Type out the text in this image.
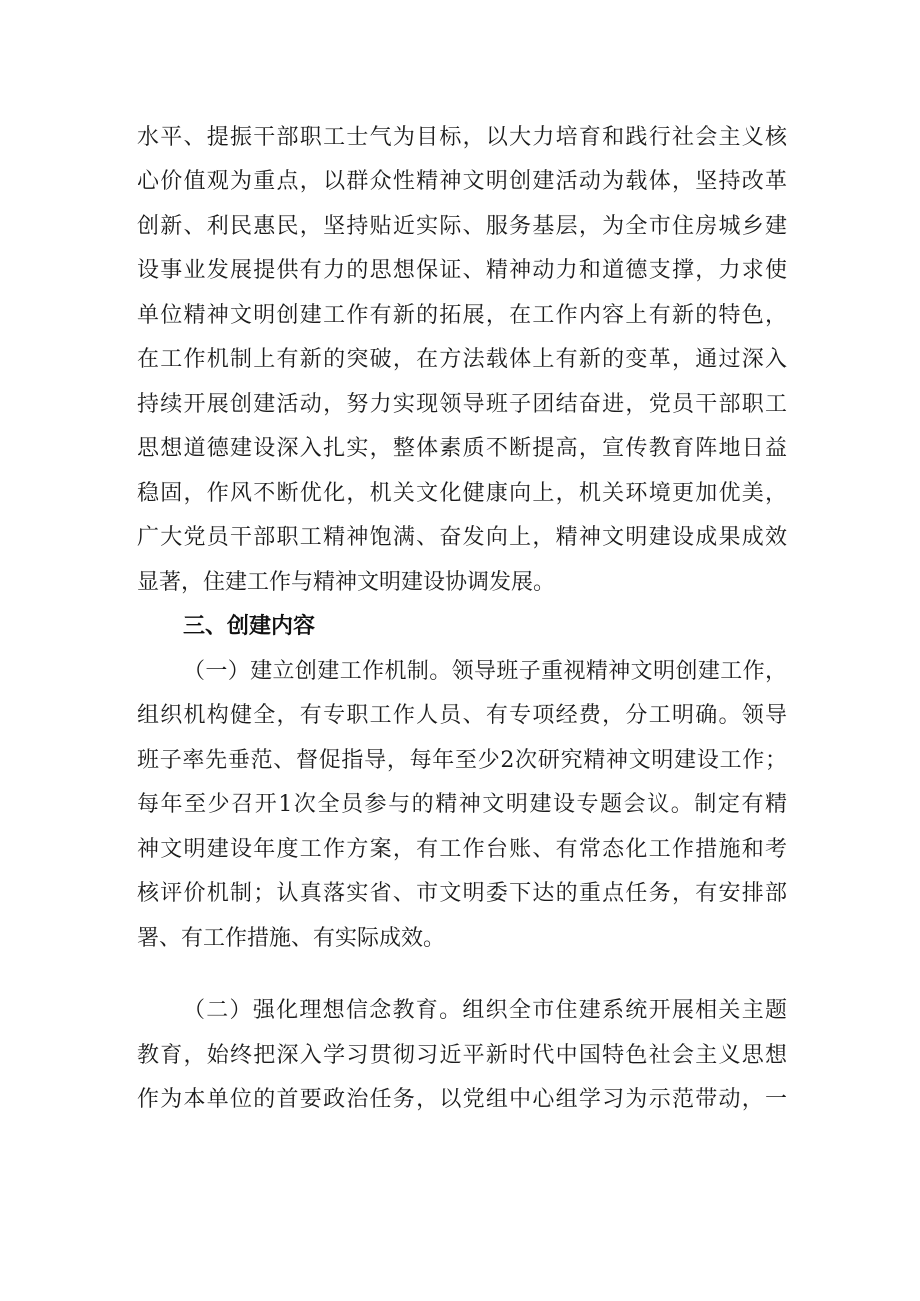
水平、提振干部职工士气为目标，以大力培育和践行社会主义核
心价值观为重点，以群众性精神文明创建活动为载体，坚持改革
创新、利民惠民，坚持贴近实际、服务基层，为全市住房城乡建
设事业发展提供有力的思想保证、精神动力和道德支撑，力求使
单位精神文明创建工作有新的拓展，在工作内容上有新的特色，
在工作机制上有新的突破，在方法载体上有新的变革，通过深入
持续开展创建活动，努力实现领导班子团结奋进，党员干部职工
思想道德建设深入扎实，整体素质不断提高，宣传教育阵地日益
稳固，作风不断优化，机关文化健康向上，机关环境更加优美，
广大党员干部职工精神饱满、奋发向上，精神文明建设成果成效
显著，住建工作与精神文明建设协调发展。
三、创建内容
（一）建立创建工作机制。领导班子重视精神文明创建工作，
组织机构健全，有专职工作人员、有专项经费，分工明确。领导
班子率先垂范、督促指导，每年至少2次研究精神文明建设工作；
每年至少召开1次全员参与的精神文明建设专题会议。制定有精
神文明建设年度工作方案，有工作台账、有常态化工作措施和考
核评价机制；认真落实省、市文明委下达的重点任务，有安排部
署、有工作措施、有实际成效。
（二）强化理想信念教育。组织全市住建系统开展相关主题
教育，始终把深入学习贯彻习近平新时代中国特色社会主义思想
作为本单位的首要政治任务，以党组中心组学习为示范带动，一
